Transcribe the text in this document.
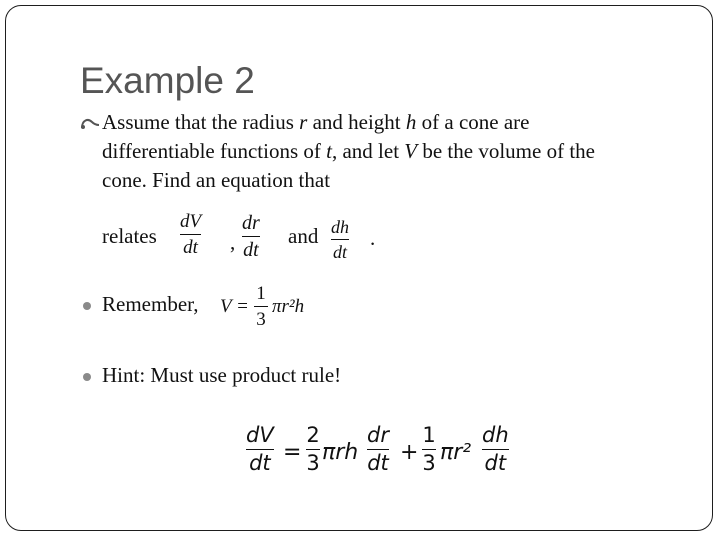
Example 2
Assume that the radius r and height h of a cone are
differentiable functions of t, and let V be the volume of the
cone. Find an equation that
relates
dV
dt ,
dr
dt
and dh
dt
.
Remember, V =
1
3
πr²h
Hint: Must use product rule!
dV
dt =
2
3 πrh
dr
dt +
1
3 πr²
dh
dt
